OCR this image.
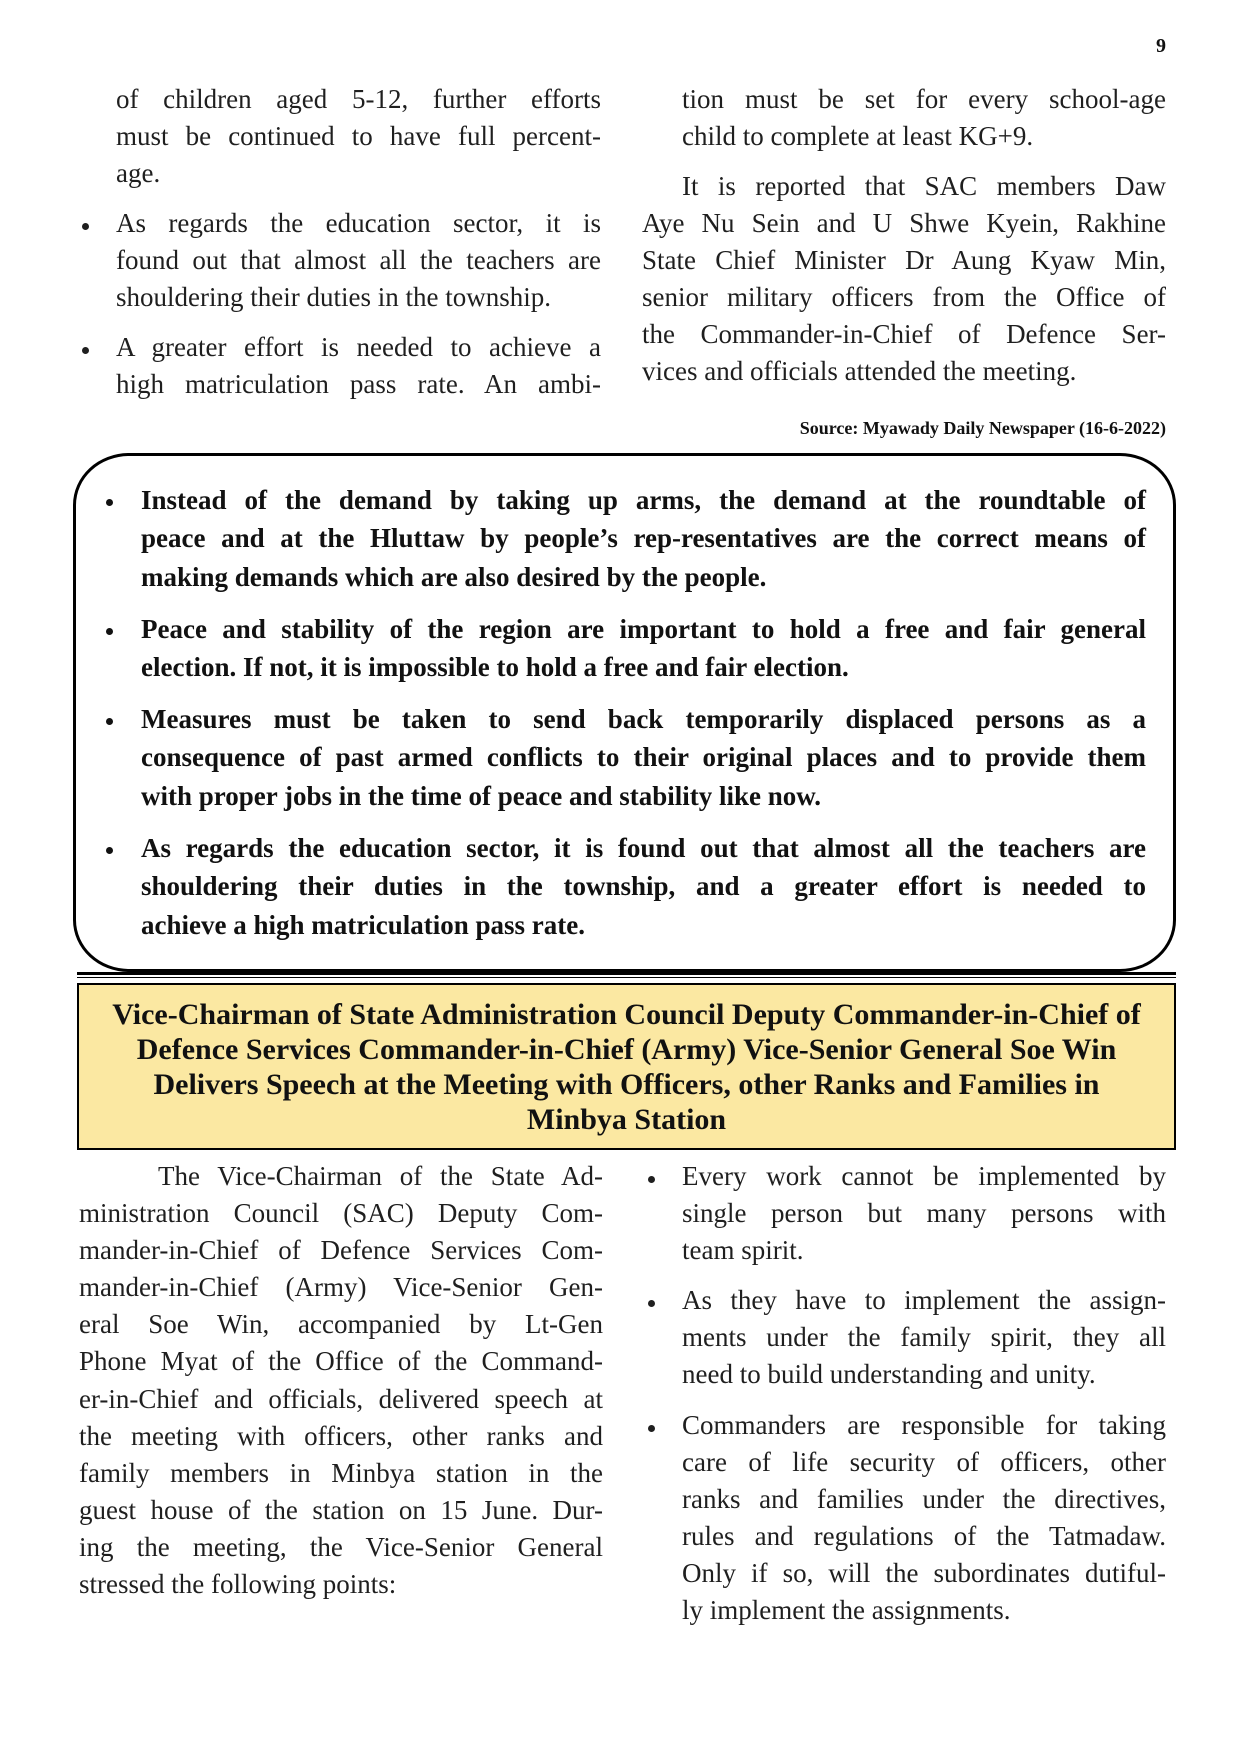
9
of children aged 5-12, further efforts
must be continued to have full percent-
age.
As regards the education sector, it is
found out that almost all the teachers are
shouldering their duties in the township.
A greater effort is needed to achieve a
high matriculation pass rate. An ambi-
tion must be set for every school-age
child to complete at least KG+9.
It is reported that SAC members Daw
Aye Nu Sein and U Shwe Kyein, Rakhine
State Chief Minister Dr Aung Kyaw Min,
senior military officers from the Office of
the Commander-in-Chief of Defence Ser-
vices and officials attended the meeting.
Source: Myawady Daily Newspaper (16-6-2022)
Instead of the demand by taking up arms, the demand at the roundtable of
peace and at the Hluttaw by people’s rep-resentatives are the correct means of
making demands which are also desired by the people.
Peace and stability of the region are important to hold a free and fair general
election. If not, it is impossible to hold a free and fair election.
Measures must be taken to send back temporarily displaced persons as a
consequence of past armed conflicts to their original places and to provide them
with proper jobs in the time of peace and stability like now.
As regards the education sector, it is found out that almost all the teachers are
shouldering their duties in the township, and a greater effort is needed to
achieve a high matriculation pass rate.
Vice-Chairman of State Administration Council Deputy Commander-in-Chief of
Defence Services Commander-in-Chief (Army) Vice-Senior General Soe Win
Delivers Speech at the Meeting with Officers, other Ranks and Families in
Minbya Station
The Vice-Chairman of the State Ad-
ministration Council (SAC) Deputy Com-
mander-in-Chief of Defence Services Com-
mander-in-Chief (Army) Vice-Senior Gen-
eral Soe Win, accompanied by Lt-Gen
Phone Myat of the Office of the Command-
er-in-Chief and officials, delivered speech at
the meeting with officers, other ranks and
family members in Minbya station in the
guest house of the station on 15 June. Dur-
ing the meeting, the Vice-Senior General
stressed the following points:
Every work cannot be implemented by
single person but many persons with
team spirit.
As they have to implement the assign-
ments under the family spirit, they all
need to build understanding and unity.
Commanders are responsible for taking
care of life security of officers, other
ranks and families under the directives,
rules and regulations of the Tatmadaw.
Only if so, will the subordinates dutiful-
ly implement the assignments.
